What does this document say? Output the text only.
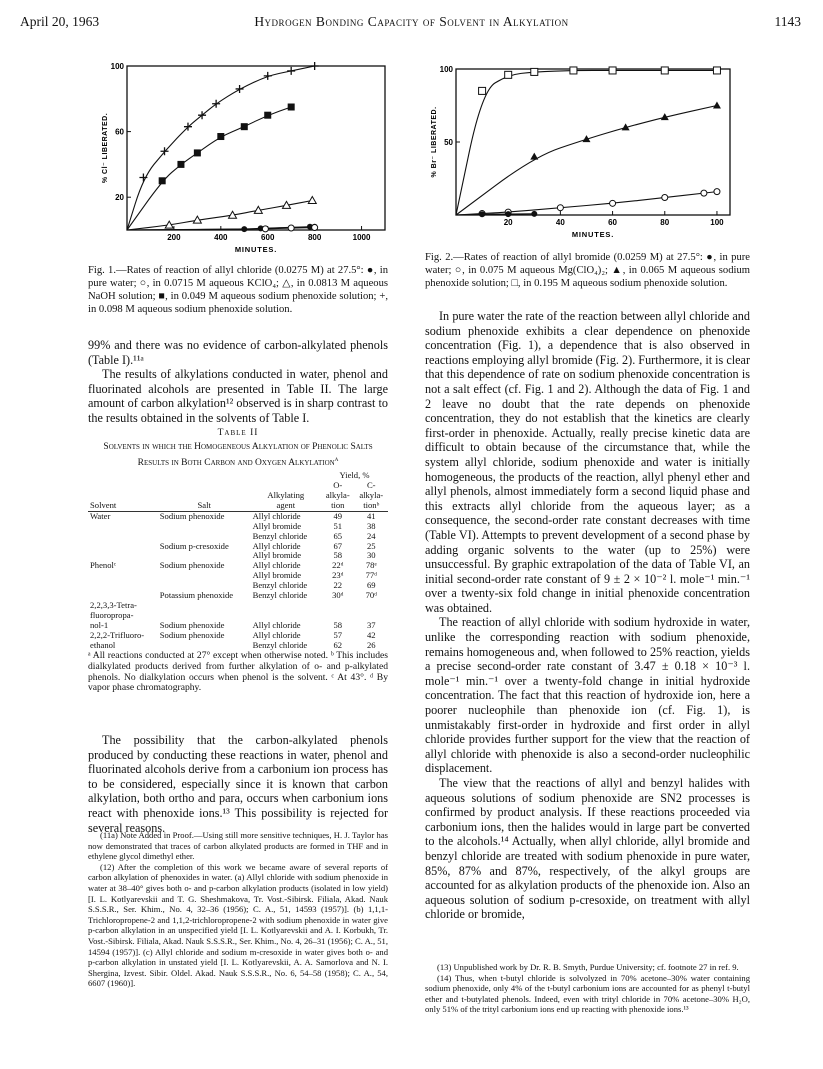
April 20, 1963	Hydrogen Bonding Capacity of Solvent in Alkylation	1143
200	400	600	800	1000
100
60
20
MINUTES.
% Cl⁻ LIBERATED.
20	40	60	80	100
100
50
MINUTES.
% Br⁻ LIBERATED.
Fig. 1.—Rates of reaction of allyl chloride (0.0275 M) at 27.5°: ●, in pure water; ○, in 0.0715 M aqueous KClO₄; △, in 0.0813 M aqueous NaOH solution; ■, in 0.049 M aqueous sodium phenoxide solution; +, in 0.098 M aqueous sodium phenoxide solution.
Fig. 2.—Rates of reaction of allyl bromide (0.0259 M) at 27.5°: ●, in pure water; ○, in 0.075 M aqueous Mg(ClO₄)₂; ▲, in 0.065 M aqueous sodium phenoxide solution; □, in 0.195 M aqueous sodium phenoxide solution.

99% and there was no evidence of carbon-alkylated phenols (Table I).¹¹ᵃ

The results of alkylations conducted in water, phenol and fluorinated alcohols are presented in Table II. The large amount of carbon alkylation¹² observed is in sharp contrast to the results obtained in the solvents of Table I.

Table II
Solvents in which the Homogeneous Alkylation of Phenolic Salts Results in Both Carbon and Oxygen Alkylation$^a$
			Yield, %	
			O-	C-
		Alkylating	alkyla-	alkyla-
Solvent	Salt	agent	tion	tionᵇ
Water	Sodium phenoxide	Allyl chloride	49	41
		Allyl bromide	51	38
		Benzyl chloride	65	24
	Sodium p-cresoxide	Allyl chloride	67	25
		Allyl bromide	58	30
Phenolᶜ	Sodium phenoxide	Allyl chloride	22ᵈ	78ᵉ
		Allyl bromide	23ᵈ	77ᵈ
		Benzyl chloride	22	69
	Potassium phenoxide	Benzyl chloride	30ᵈ	70ᵈ
2,2,3,3-Tetra-				
fluoropropa-				
nol-1	Sodium phenoxide	Allyl chloride	58	37
2,2,2-Trifluoro-	Sodium phenoxide	Allyl chloride	57	42
ethanol		Benzyl chloride	62	26
ᵃ All reactions conducted at 27° except when otherwise noted. ᵇ This includes dialkylated products derived from further alkylation of o- and p-alkylated phenols. No dialkylation occurs when phenol is the solvent. ᶜ At 43°. ᵈ By vapor phase chromatography.

The possibility that the carbon-alkylated phenols produced by conducting these reactions in water, phenol and fluorinated alcohols derive from a carbonium ion process has to be considered, especially since it is known that carbon alkylation, both ortho and para, occurs when carbonium ions react with phenoxide ions.¹³ This possibility is rejected for several reasons.

(11a) Note Added in Proof.—Using still more sensitive techniques, H. J. Taylor has now demonstrated that traces of carbon alkylated products are formed in THF and in ethylene glycol dimethyl ether.

(12) After the completion of this work we became aware of several reports of carbon alkylation of phenoxides in water. (a) Allyl chloride with sodium phenoxide in water at 38–40° gives both o- and p-carbon alkylation products (isolated in low yield) [I. L. Kotlyarevskii and T. G. Sheshmakova, Tr. Vost.-Sibirsk. Filiala, Akad. Nauk S.S.S.R., Ser. Khim., No. 4, 32–36 (1956); C. A., 51, 14593 (1957)]. (b) 1,1,1-Trichloropropene-2 and 1,1,2-trichloropropene-2 with sodium phenoxide in water give p-carbon alkylation in an unspecified yield [I. L. Kotlyarevskii and A. I. Korbukh, Tr. Vost.-Sibirsk. Filiala, Akad. Nauk S.S.S.R., Ser. Khim., No. 4, 26–31 (1956); C. A., 51, 14594 (1957)]. (c) Allyl chloride and sodium m-cresoxide in water gives both o- and p-carbon alkylation in unstated yield [I. L. Kotlyarevskii, A. A. Samorlova and N. I. Shergina, Izvest. Sibir. Oldel. Akad. Nauk S.S.S.R., No. 6, 54–58 (1958); C. A., 54, 6607 (1960)].

In pure water the rate of the reaction between allyl chloride and sodium phenoxide exhibits a clear dependence on phenoxide concentration (Fig. 1), a dependence that is also observed in reactions employing allyl bromide (Fig. 2). Furthermore, it is clear that this dependence of rate on sodium phenoxide concentration is not a salt effect (cf. Fig. 1 and 2). Although the data of Fig. 1 and 2 leave no doubt that the rate depends on phenoxide concentration, they do not establish that the kinetics are clearly first-order in phenoxide. Actually, really precise kinetic data are difficult to obtain because of the circumstance that, while the system allyl chloride, sodium phenoxide and water is initially homogeneous, the products of the reaction, allyl phenyl ether and allyl phenols, almost immediately form a second liquid phase and this extracts allyl chloride from the aqueous layer; as a consequence, the second-order rate constant decreases with time (Table VI). Attempts to prevent development of a second phase by adding organic solvents to the water (up to 25%) were unsuccessful. By graphic extrapolation of the data of Table VI, an initial second-order rate constant of 9 ± 2 × 10⁻² l. mole⁻¹ min.⁻¹ over a twenty-six fold change in initial phenoxide concentration was obtained.

The reaction of allyl chloride with sodium hydroxide in water, unlike the corresponding reaction with sodium phenoxide, remains homogeneous and, when followed to 25% reaction, yields a precise second-order rate constant of 3.47 ± 0.18 × 10⁻³ l. mole⁻¹ min.⁻¹ over a twenty-fold change in initial hydroxide concentration. The fact that this reaction of hydroxide ion, here a poorer nucleophile than phenoxide ion (cf. Fig. 1), is unmistakably first-order in hydroxide and first order in allyl chloride provides further support for the view that the reaction of allyl chloride with phenoxide is also a second-order nucleophilic displacement.

The view that the reactions of allyl and benzyl halides with aqueous solutions of sodium phenoxide are SN2 processes is confirmed by product analysis. If these reactions proceeded via carbonium ions, then the halides would in large part be converted to the alcohols.¹⁴ Actually, when allyl chloride, allyl bromide and benzyl chloride are treated with sodium phenoxide in pure water, 85%, 87% and 87%, respectively, of the alkyl groups are accounted for as alkylation products of the phenoxide ion. Also an aqueous solution of sodium p-cresoxide, on treatment with allyl chloride or bromide,

(13) Unpublished work by Dr. R. B. Smyth, Purdue University; cf. footnote 27 in ref. 9.

(14) Thus, when t-butyl chloride is solvolyzed in 70% acetone–30% water containing sodium phenoxide, only 4% of the t-butyl carbonium ions are accounted for as phenyl t-butyl ether and t-butylated phenols. Indeed, even with trityl chloride in 70% acetone–30% H₂O, only 51% of the trityl carbonium ions end up reacting with phenoxide ions.¹³
